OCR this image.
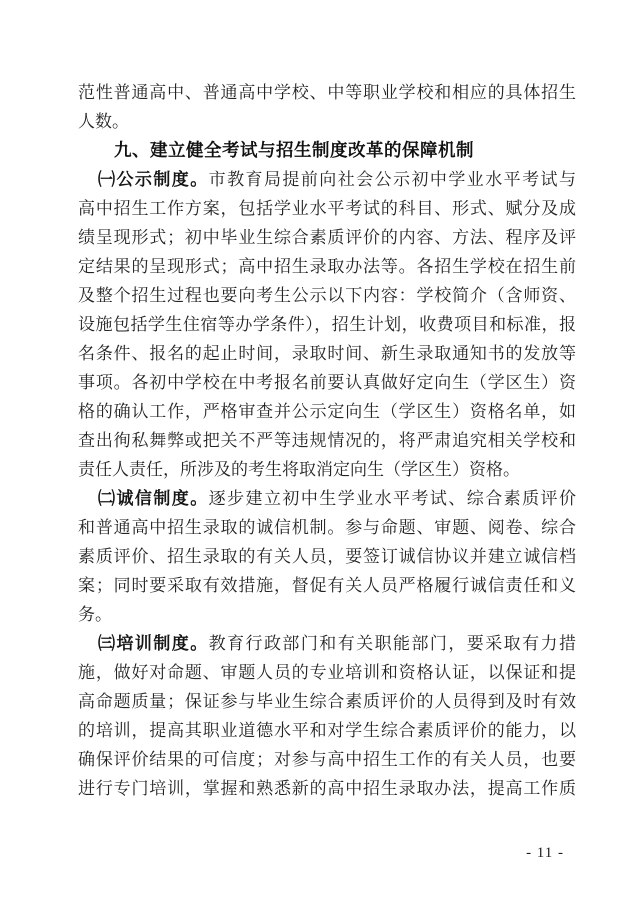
范性普通高中、普通高中学校、中等职业学校和相应的具体招生
人数。
九、建立健全考试与招生制度改革的保障机制
㈠公示制度。市教育局提前向社会公示初中学业水平考试与
高中招生工作方案，包括学业水平考试的科目、形式、赋分及成
绩呈现形式；初中毕业生综合素质评价的内容、方法、程序及评
定结果的呈现形式；高中招生录取办法等。各招生学校在招生前
及整个招生过程也要向考生公示以下内容：学校简介（含师资、
设施包括学生住宿等办学条件），招生计划，收费项目和标准，报
名条件、报名的起止时间，录取时间、新生录取通知书的发放等
事项。各初中学校在中考报名前要认真做好定向生（学区生）资
格的确认工作，严格审查并公示定向生（学区生）资格名单，如
查出徇私舞弊或把关不严等违规情况的，将严肃追究相关学校和
责任人责任，所涉及的考生将取消定向生（学区生）资格。
㈡诚信制度。逐步建立初中生学业水平考试、综合素质评价
和普通高中招生录取的诚信机制。参与命题、审题、阅卷、综合
素质评价、招生录取的有关人员，要签订诚信协议并建立诚信档
案；同时要采取有效措施，督促有关人员严格履行诚信责任和义
务。
㈢培训制度。教育行政部门和有关职能部门，要采取有力措
施，做好对命题、审题人员的专业培训和资格认证，以保证和提
高命题质量；保证参与毕业生综合素质评价的人员得到及时有效
的培训，提高其职业道德水平和对学生综合素质评价的能力，以
确保评价结果的可信度；对参与高中招生工作的有关人员，也要
进行专门培训，掌握和熟悉新的高中招生录取办法，提高工作质
- 11 -
